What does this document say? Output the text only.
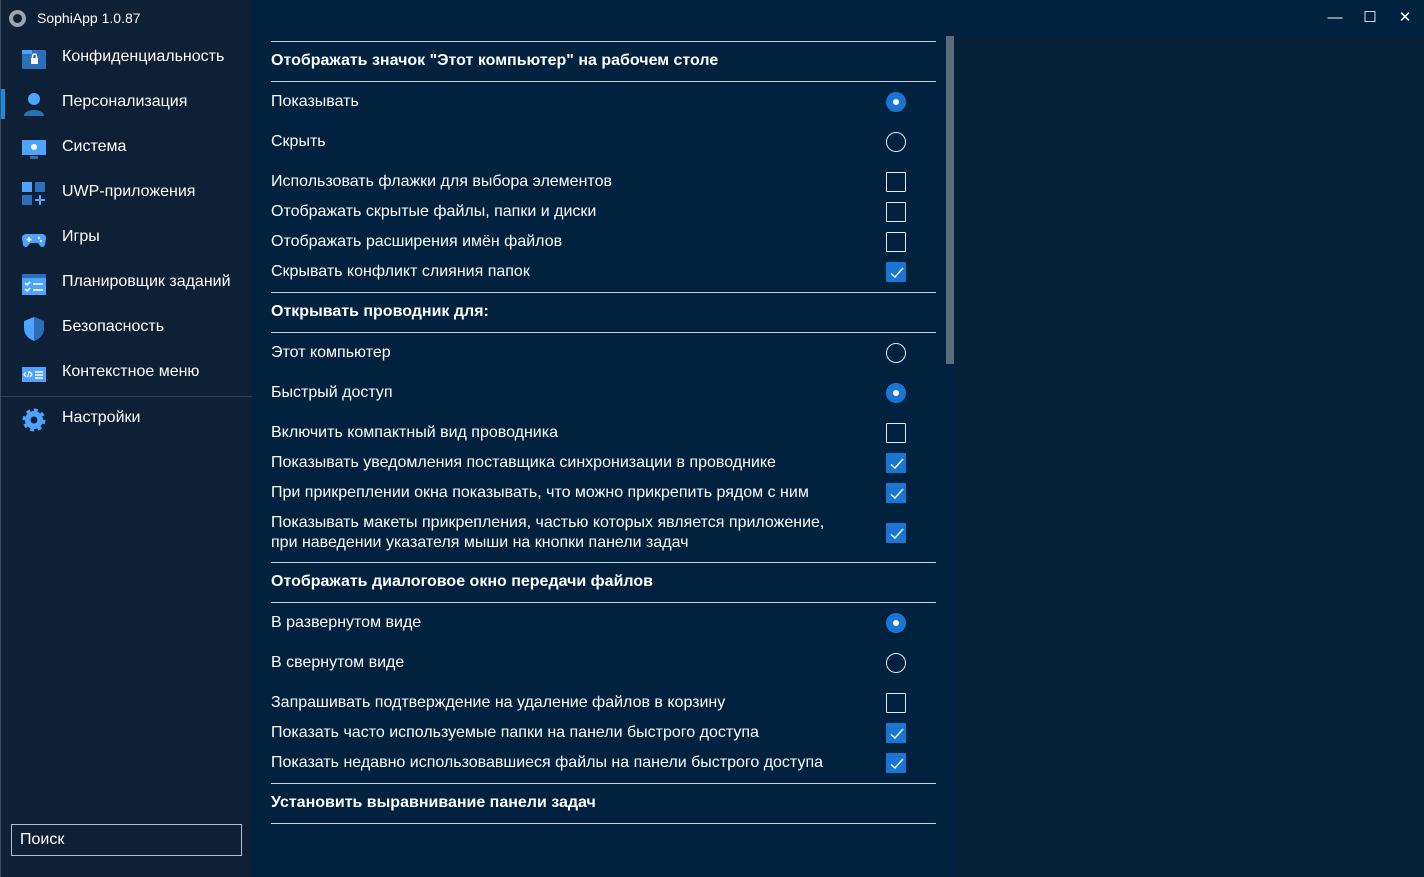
SophiApp 1.0.87
Конфиденциальность
Персонализация
Система
UWP-приложения
Игры
Планировщик заданий
Безопасность
Контекстное меню
Настройки
Поиск
—	☐	✕
Отображать значок "Этот компьютер" на рабочем столе
Показывать
Скрыть
Использовать флажки для выбора элементов
Отображать скрытые файлы, папки и диски
Отображать расширения имён файлов
Скрывать конфликт слияния папок
Открывать проводник для:
Этот компьютер
Быстрый доступ
Включить компактный вид проводника
Показывать уведомления поставщика синхронизации в проводнике
При прикреплении окна показывать, что можно прикрепить рядом с ним
Показывать макеты прикрепления, частью которых является приложение,
при наведении указателя мыши на кнопки панели задач
Отображать диалоговое окно передачи файлов
В развернутом виде
В свернутом виде
Запрашивать подтверждение на удаление файлов в корзину
Показать часто используемые папки на панели быстрого доступа
Показать недавно использовавшиеся файлы на панели быстрого доступа
Установить выравнивание панели задач
